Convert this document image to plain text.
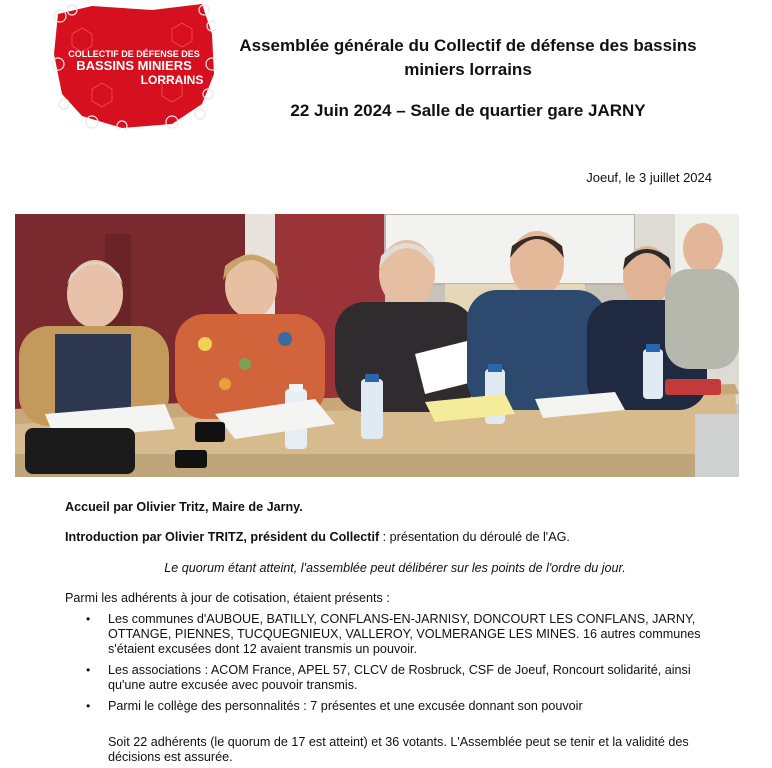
COLLECTIF DE DÉFENSE DES
BASSINS MINIERS
LORRAINS
Assemblée générale du Collectif de défense des bassins miniers lorrains
22 Juin 2024 – Salle de quartier gare JARNY
Joeuf, le 3 juillet 2024

Accueil par Olivier Tritz, Maire de Jarny.

Introduction par Olivier TRITZ, président du Collectif : présentation du déroulé de l'AG.

Le quorum étant atteint, l'assemblée peut délibérer sur les points de l'ordre du jour.

Parmi les adhérents à jour de cotisation, étaient présents :

• Les communes d'AUBOUE, BATILLY, CONFLANS-EN-JARNISY, DONCOURT LES CONFLANS, JARNY, OTTANGE, PIENNES, TUCQUEGNIEUX, VALLEROY, VOLMERANGE LES MINES. 16 autres communes s'étaient excusées dont 12 avaient transmis un pouvoir.
• Les associations : ACOM France, APEL 57, CLCV de Rosbruck, CSF de Joeuf, Roncourt solidarité, ainsi qu'une autre excusée avec pouvoir transmis.
• Parmi le collège des personnalités : 7 présentes et une excusée donnant son pouvoir

Soit 22 adhérents (le quorum de 17 est atteint) et 36 votants. L'Assemblée peut se tenir et la validité des décisions est assurée.
